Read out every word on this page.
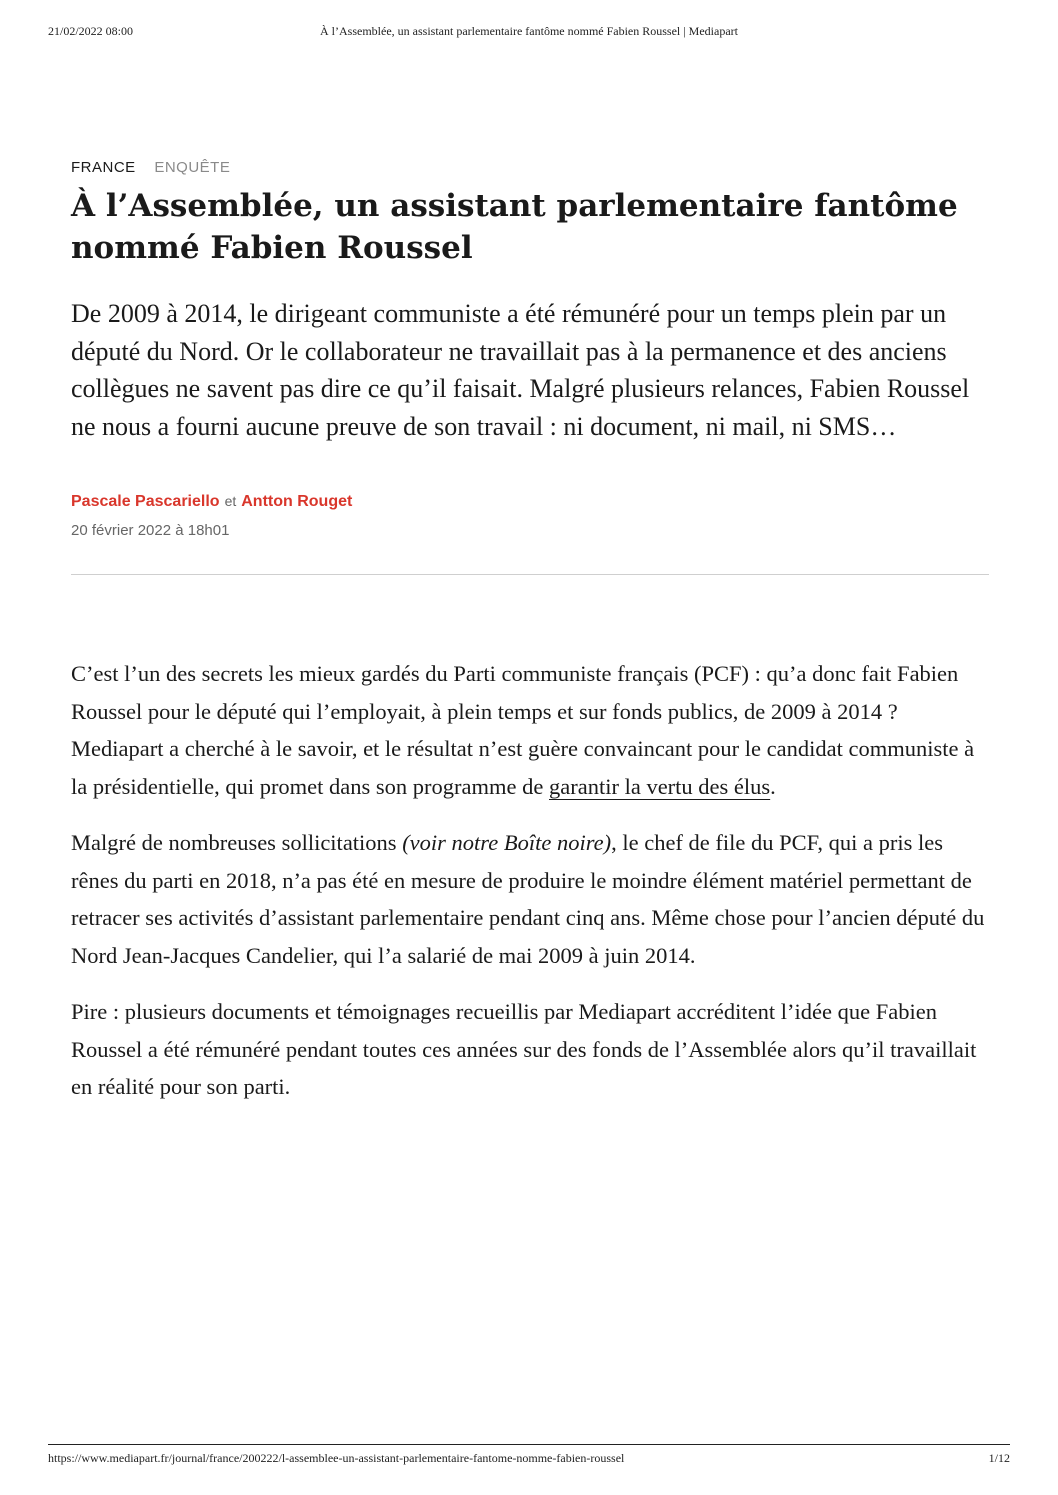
21/02/2022 08:00	À l’Assemblée, un assistant parlementaire fantôme nommé Fabien Roussel | Mediapart
FRANCE ENQUÊTE
À l’Assemblée, un assistant parlementaire fantôme nommé Fabien Roussel

De 2009 à 2014, le dirigeant communiste a été rémunéré pour un temps plein par un député du Nord. Or le collaborateur ne travaillait pas à la permanence et des anciens collègues ne savent pas dire ce qu’il faisait. Malgré plusieurs relances, Fabien Roussel ne nous a fourni aucune preuve de son travail : ni document, ni mail, ni SMS…

Pascale Pascariello et Antton Rouget
20 février 2022 à 18h01

C’est l’un des secrets les mieux gardés du Parti communiste français (PCF) : qu’a donc fait Fabien Roussel pour le député qui l’employait, à plein temps et sur fonds publics, de 2009 à 2014 ? Mediapart a cherché à le savoir, et le résultat n’est guère convaincant pour le candidat communiste à la présidentielle, qui promet dans son programme de garantir la vertu des élus.

Malgré de nombreuses sollicitations (voir notre Boîte noire), le chef de file du PCF, qui a pris les rênes du parti en 2018, n’a pas été en mesure de produire le moindre élément matériel permettant de retracer ses activités d’assistant parlementaire pendant cinq ans. Même chose pour l’ancien député du Nord Jean-Jacques Candelier, qui l’a salarié de mai 2009 à juin 2014.

Pire : plusieurs documents et témoignages recueillis par Mediapart accréditent l’idée que Fabien Roussel a été rémunéré pendant toutes ces années sur des fonds de l’Assemblée alors qu’il travaillait en réalité pour son parti.

https://www.mediapart.fr/journal/france/200222/l-assemblee-un-assistant-parlementaire-fantome-nomme-fabien-roussel	1/12
